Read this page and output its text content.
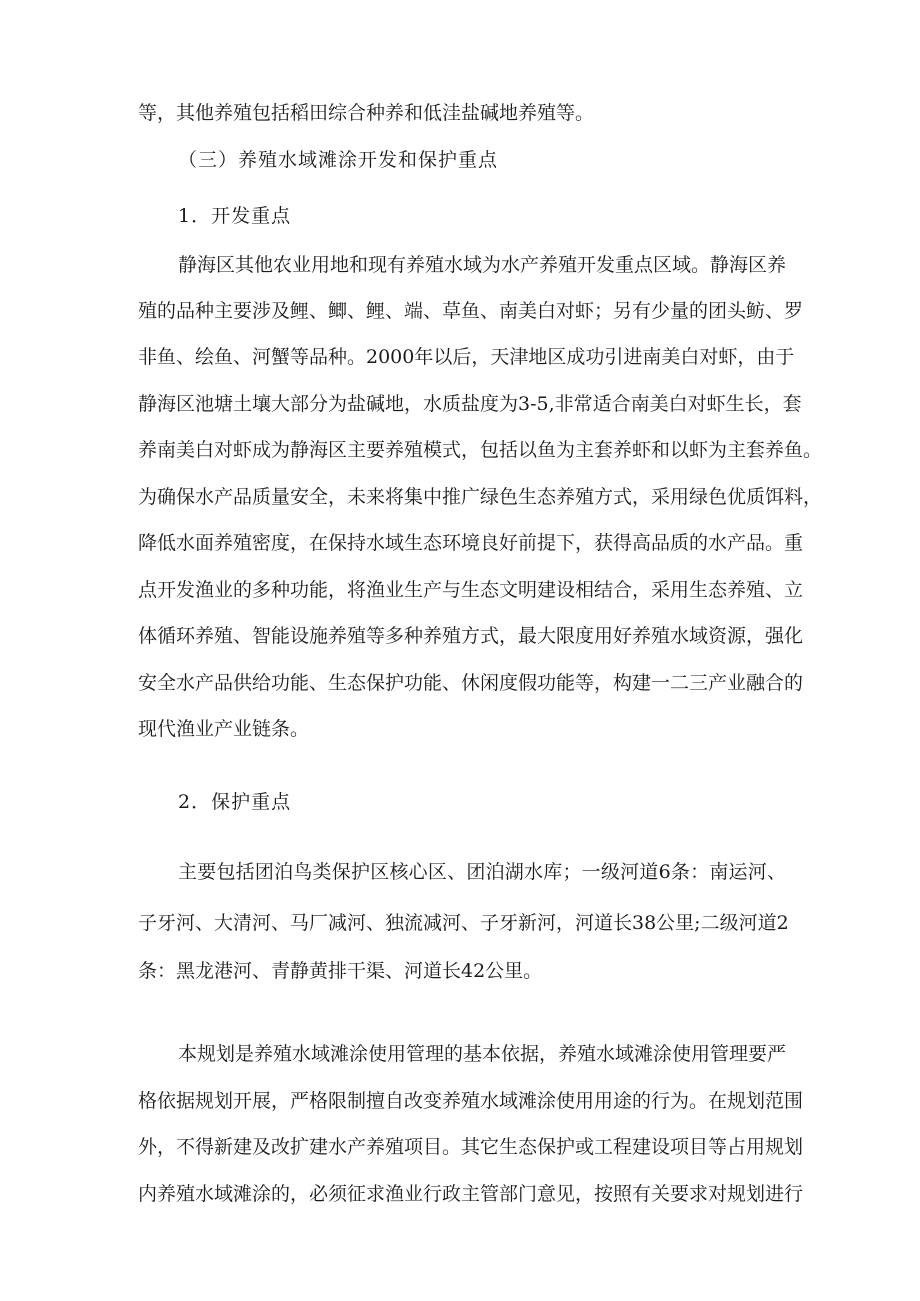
等，其他养殖包括稻田综合种养和低洼盐碱地养殖等。
（三）养殖水域滩涂开发和保护重点
1．开发重点
静海区其他农业用地和现有养殖水域为水产养殖开发重点区域。静海区养
殖的品种主要涉及鲤、鲫、鲤、端、草鱼、南美白对虾；另有少量的团头鲂、罗
非鱼、绘鱼、河蟹等品种。2000年以后，天津地区成功引进南美白对虾，由于
静海区池塘土壤大部分为盐碱地，水质盐度为3-5,非常适合南美白对虾生长，套
养南美白对虾成为静海区主要养殖模式，包括以鱼为主套养虾和以虾为主套养鱼。
为确保水产品质量安全，未来将集中推广绿色生态养殖方式，采用绿色优质饵料，
降低水面养殖密度，在保持水域生态环境良好前提下，获得高品质的水产品。重
点开发渔业的多种功能，将渔业生产与生态文明建设相结合，采用生态养殖、立
体循环养殖、智能设施养殖等多种养殖方式，最大限度用好养殖水域资源，强化
安全水产品供给功能、生态保护功能、休闲度假功能等，构建一二三产业融合的
现代渔业产业链条。
2．保护重点
主要包括团泊鸟类保护区核心区、团泊湖水库；一级河道6条：南运河、
子牙河、大清河、马厂减河、独流减河、子牙新河，河道长38公里;二级河道2
条：黑龙港河、青静黄排干渠、河道长42公里。
本规划是养殖水域滩涂使用管理的基本依据，养殖水域滩涂使用管理要严
格依据规划开展，严格限制擅自改变养殖水域滩涂使用用途的行为。在规划范围
外，不得新建及改扩建水产养殖项目。其它生态保护或工程建设项目等占用规划
内养殖水域滩涂的，必须征求渔业行政主管部门意见，按照有关要求对规划进行
